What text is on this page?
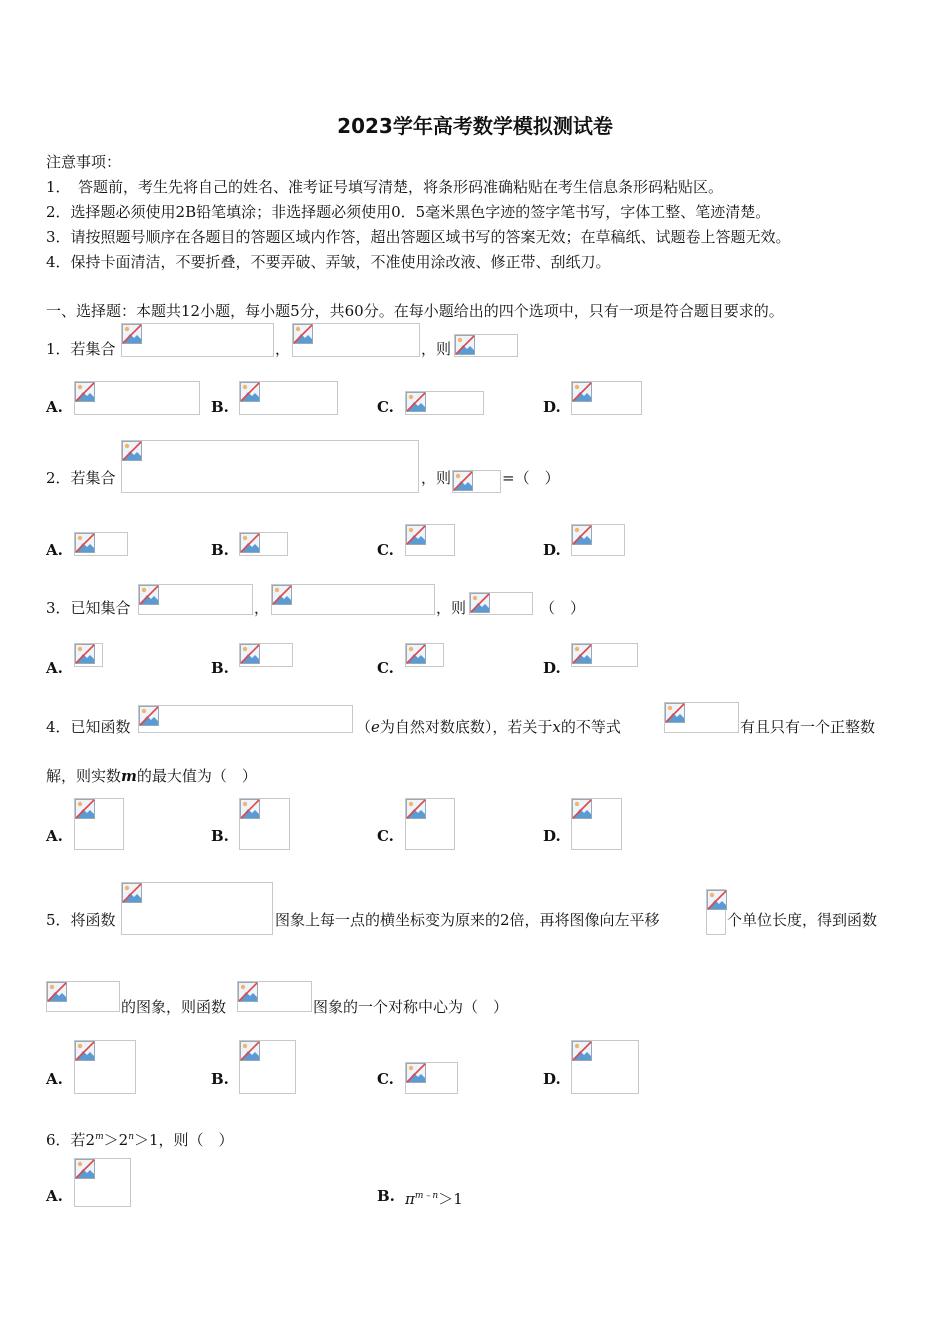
2023学年高考数学模拟测试卷
注意事项：
1．　答题前，考生先将自己的姓名、准考证号填写清楚，将条形码准确粘贴在考生信息条形码粘贴区。
2．选择题必须使用2B铅笔填涂；非选择题必须使用0．5毫米黑色字迹的签字笔书写，字体工整、笔迹清楚。
3．请按照题号顺序在各题目的答题区域内作答，超出答题区域书写的答案无效；在草稿纸、试题卷上答题无效。
4．保持卡面清洁，不要折叠，不要弄破、弄皱，不准使用涂改液、修正带、刮纸刀。
一、选择题：本题共12小题，每小题5分，共60分。在每小题给出的四个选项中，只有一项是符合题目要求的。
1．若集合	，	，则
A.	B.	C.	D.
2．若集合	，则	=（　）
A.	B.	C.	D.
3．已知集合	，	，则	（　）
A.	B.	C.	D.
4．已知函数	（e为自然对数底数），若关于x的不等式	有且只有一个正整数
解，则实数m的最大值为（　）
A.	B.	C.	D.
5．将函数	图象上每一点的横坐标变为原来的2倍，再将图像向左平移	个单位长度，得到函数
的图象，则函数	图象的一个对称中心为（　）
A.	B.	C.	D.
6．若$2^m>2^n>1$，则（　）
A.	B. $\pi^{m﹣n}>1$
